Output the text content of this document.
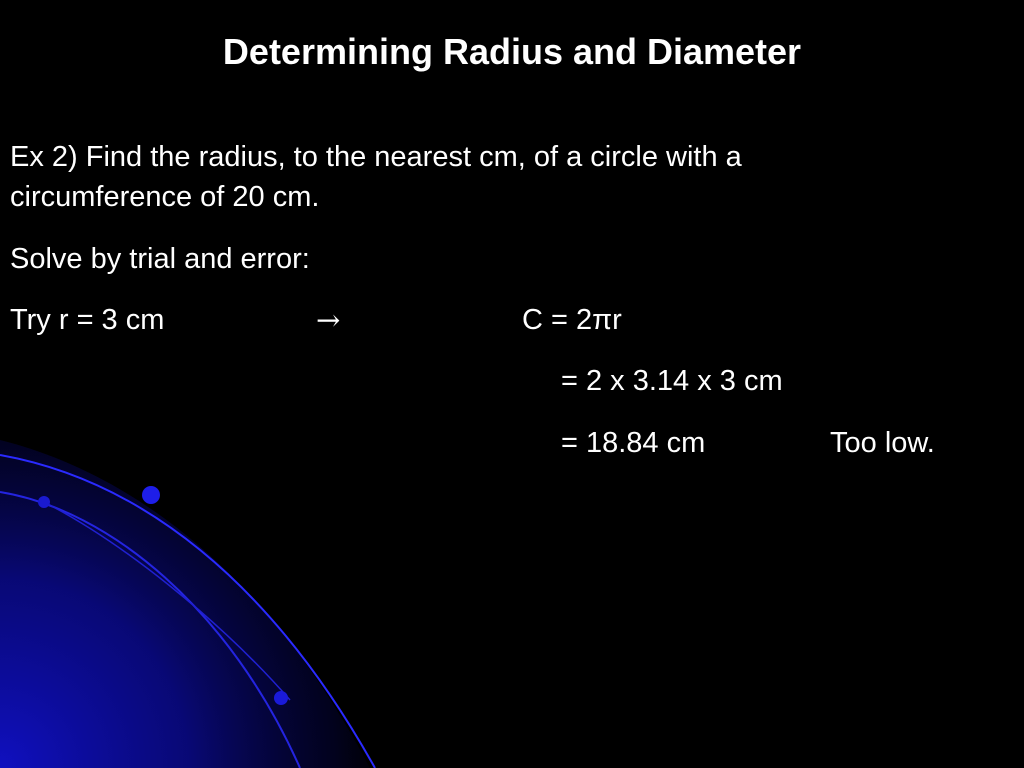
Determining Radius and Diameter
Ex 2) Find the radius, to the nearest cm, of a circle with a
circumference of 20 cm.
Solve by trial and error:
Try r = 3 cm	→	C = 2πr
= 2 x 3.14 x 3 cm
= 18.84 cm	Too low.
